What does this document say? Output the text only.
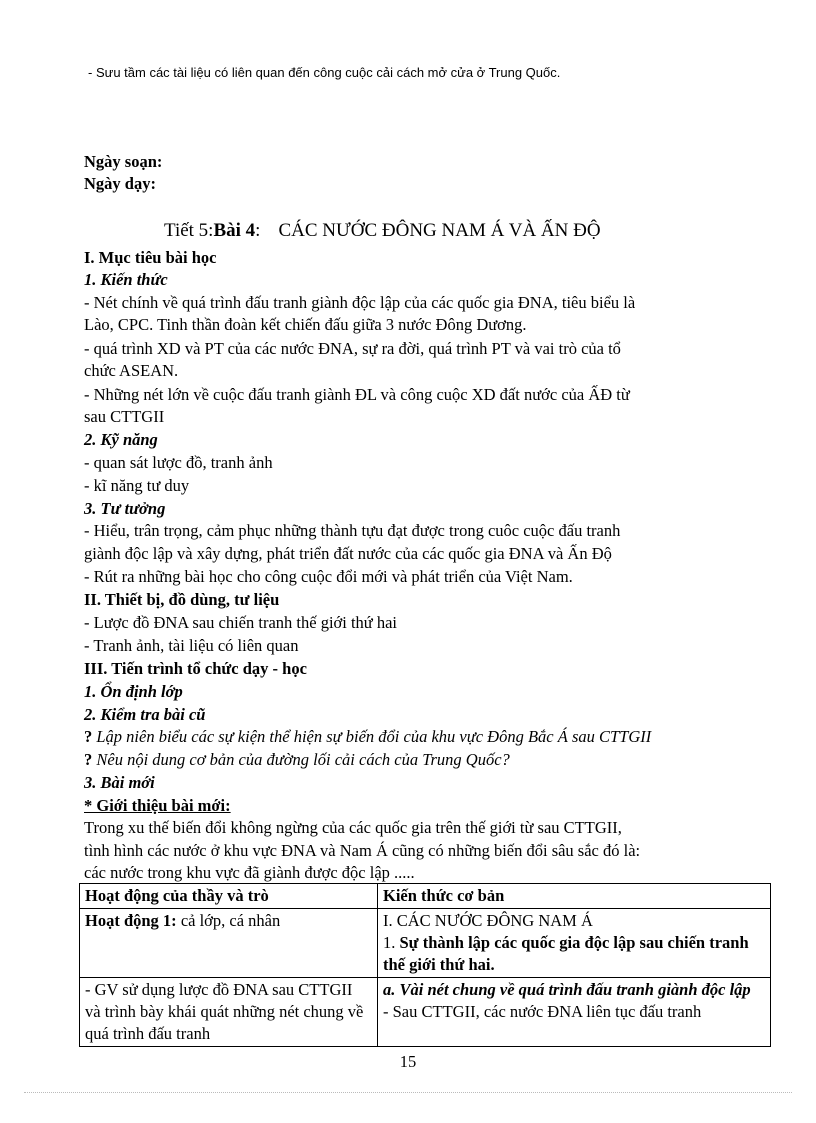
- Sưu tầm các tài liệu có liên quan đến công cuộc cải cách mở cửa ở Trung Quốc.
Ngày soạn:
Ngày dạy:
Tiết 5:Bài 4: CÁC NƯỚC ĐÔNG NAM Á VÀ ẤN ĐỘ
I. Mục tiêu bài học
1. Kiến thức
- Nét chính về quá trình đấu tranh giành độc lập của các quốc gia ĐNA, tiêu biểu là
Lào, CPC. Tinh thần đoàn kết chiến đấu giữa 3 nước Đông Dương.
- quá trình XD và PT của các nước ĐNA, sự ra đời, quá trình PT và vai trò của tổ
chức ASEAN.
- Những nét lớn về cuộc đấu tranh giành ĐL và công cuộc XD đất nước của ẤĐ từ
sau CTTGII
2. Kỹ năng
- quan sát lược đồ, tranh ảnh
- kĩ năng tư duy
3. Tư tưởng
- Hiểu, trân trọng, cảm phục những thành tựu đạt được trong cuôc cuộc đấu tranh
giành độc lập và xây dựng, phát triển đất nước của các quốc gia ĐNA và Ấn Độ
- Rút ra những bài học cho công cuộc đổi mới và phát triển của Việt Nam.
II. Thiết bị, đồ dùng, tư liệu
- Lược đồ ĐNA sau chiến tranh thế giới thứ hai
- Tranh ảnh, tài liệu có liên quan
III. Tiến trình tổ chức dạy - học
1. Ổn định lớp
2. Kiểm tra bài cũ
? Lập niên biểu các sự kiện thể hiện sự biến đổi của khu vực Đông Bắc Á sau CTTGII
? Nêu nội dung cơ bản của đường lối cải cách của Trung Quốc?
3. Bài mới
* Giới thiệu bài mới:
Trong xu thế biến đổi không ngừng của các quốc gia trên thế giới từ sau CTTGII,
tình hình các nước ở khu vực ĐNA và Nam Á cũng có những biến đổi sâu sắc đó là:
các nước trong khu vực đã giành được độc lập .....
Hoạt động của thầy và trò	Kiến thức cơ bản
Hoạt động 1: cả lớp, cá nhân	I. CÁC NƯỚC ĐÔNG NAM Á
1. Sự thành lập các quốc gia độc lập sau chiến tranh thế giới thứ hai.

- GV sử dụng lược đồ ĐNA sau CTTGII và trình bày khái quát những nét chung về quá trình đấu tranh	a. Vài nét chung về quá trình đấu tranh giành độc lập
- Sau CTTGII, các nước ĐNA liên tục đấu tranh
15
